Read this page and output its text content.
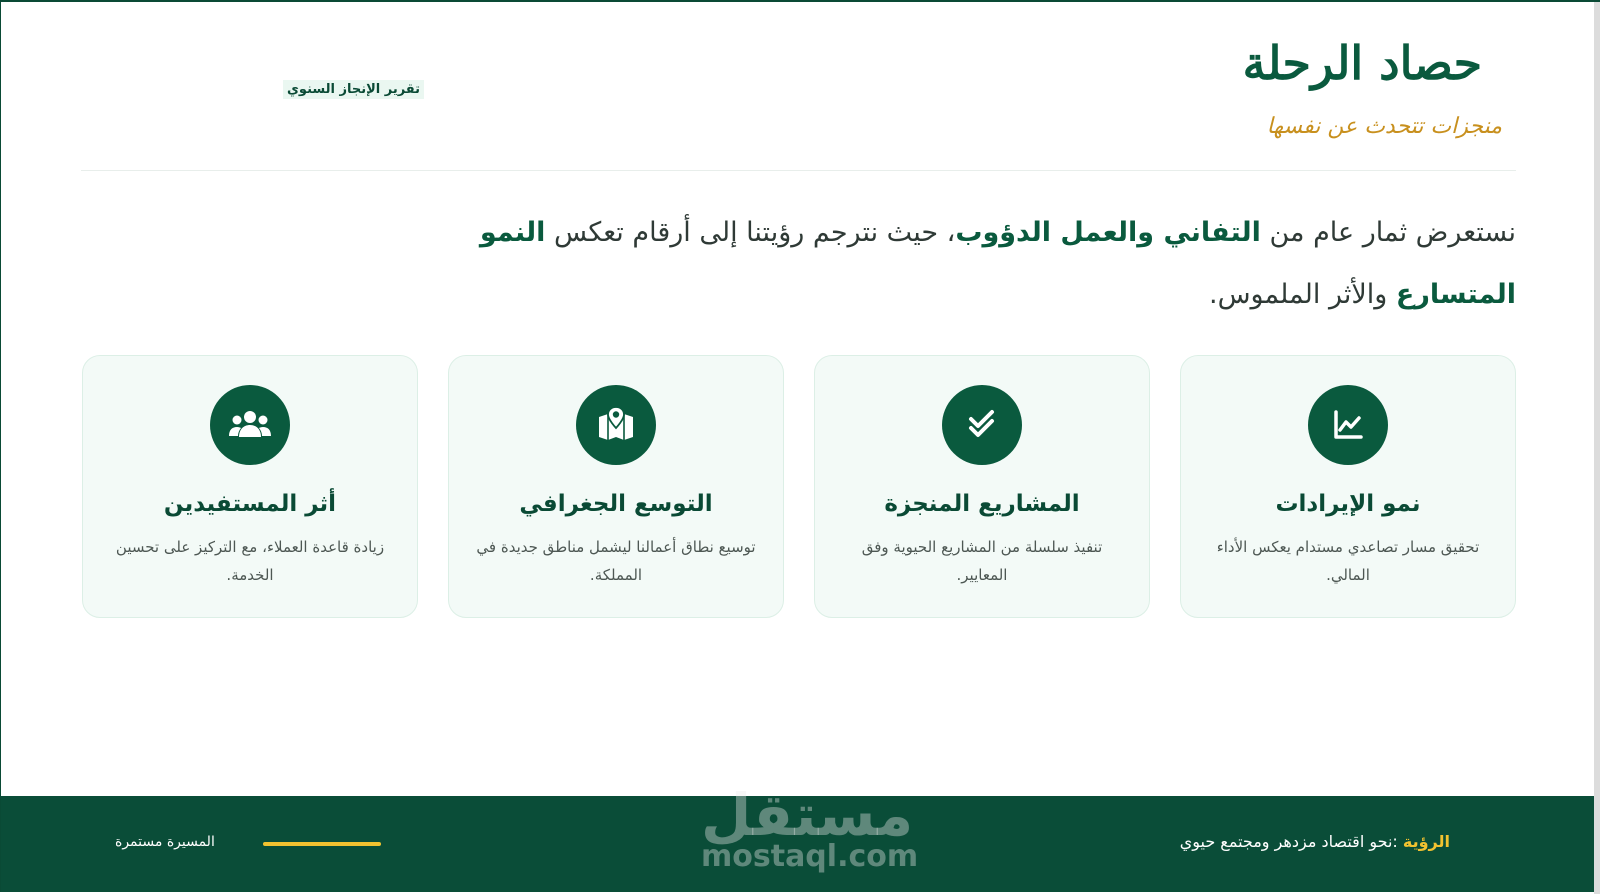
حصاد الرحلة

منجزات تتحدث عن نفسها

تقرير الإنجاز السنوي

نستعرض ثمار عام من التفاني والعمل الدؤوب، حيث نترجم رؤيتنا إلى أرقام تعكس النمو المتسارع والأثر الملموس.

نمو الإيرادات

تحقيق مسار تصاعدي مستدام يعكس الأداء المالي.

المشاريع المنجزة

تنفيذ سلسلة من المشاريع الحيوية وفق المعايير.

التوسع الجغرافي

توسيع نطاق أعمالنا ليشمل مناطق جديدة في المملكة.

أثر المستفيدين

زيادة قاعدة العملاء، مع التركيز على تحسين الخدمة.

الرؤية :نحو اقتصاد مزدهر ومجتمع حيوي
مستقل
mostaql.com
المسيرة مستمرة
